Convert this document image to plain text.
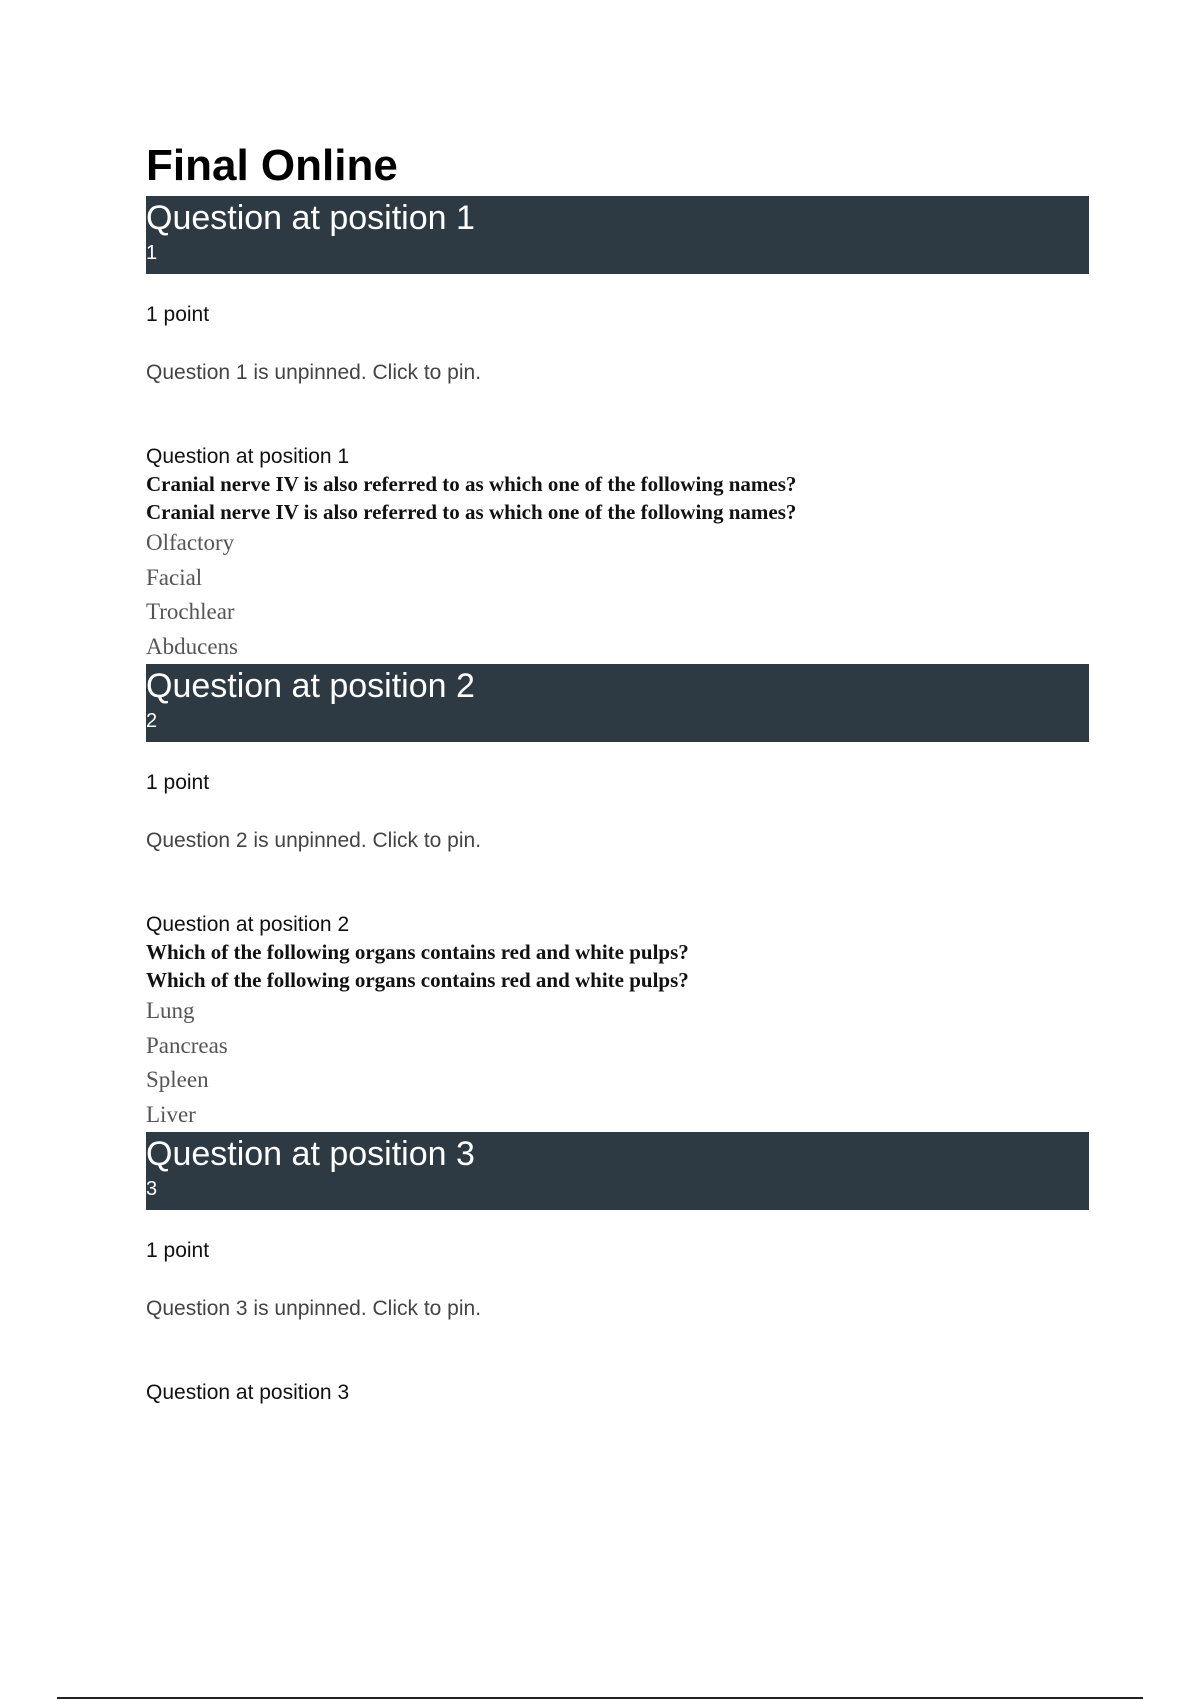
Final Online
Question at position 1
1
1 point
Question 1 is unpinned. Click to pin.
Question at position 1
Cranial nerve IV is also referred to as which one of the following names?
Cranial nerve IV is also referred to as which one of the following names?
Olfactory
Facial
Trochlear
Abducens
Question at position 2
2
1 point
Question 2 is unpinned. Click to pin.
Question at position 2
Which of the following organs contains red and white pulps?
Which of the following organs contains red and white pulps?
Lung
Pancreas
Spleen
Liver
Question at position 3
3
1 point
Question 3 is unpinned. Click to pin.
Question at position 3
